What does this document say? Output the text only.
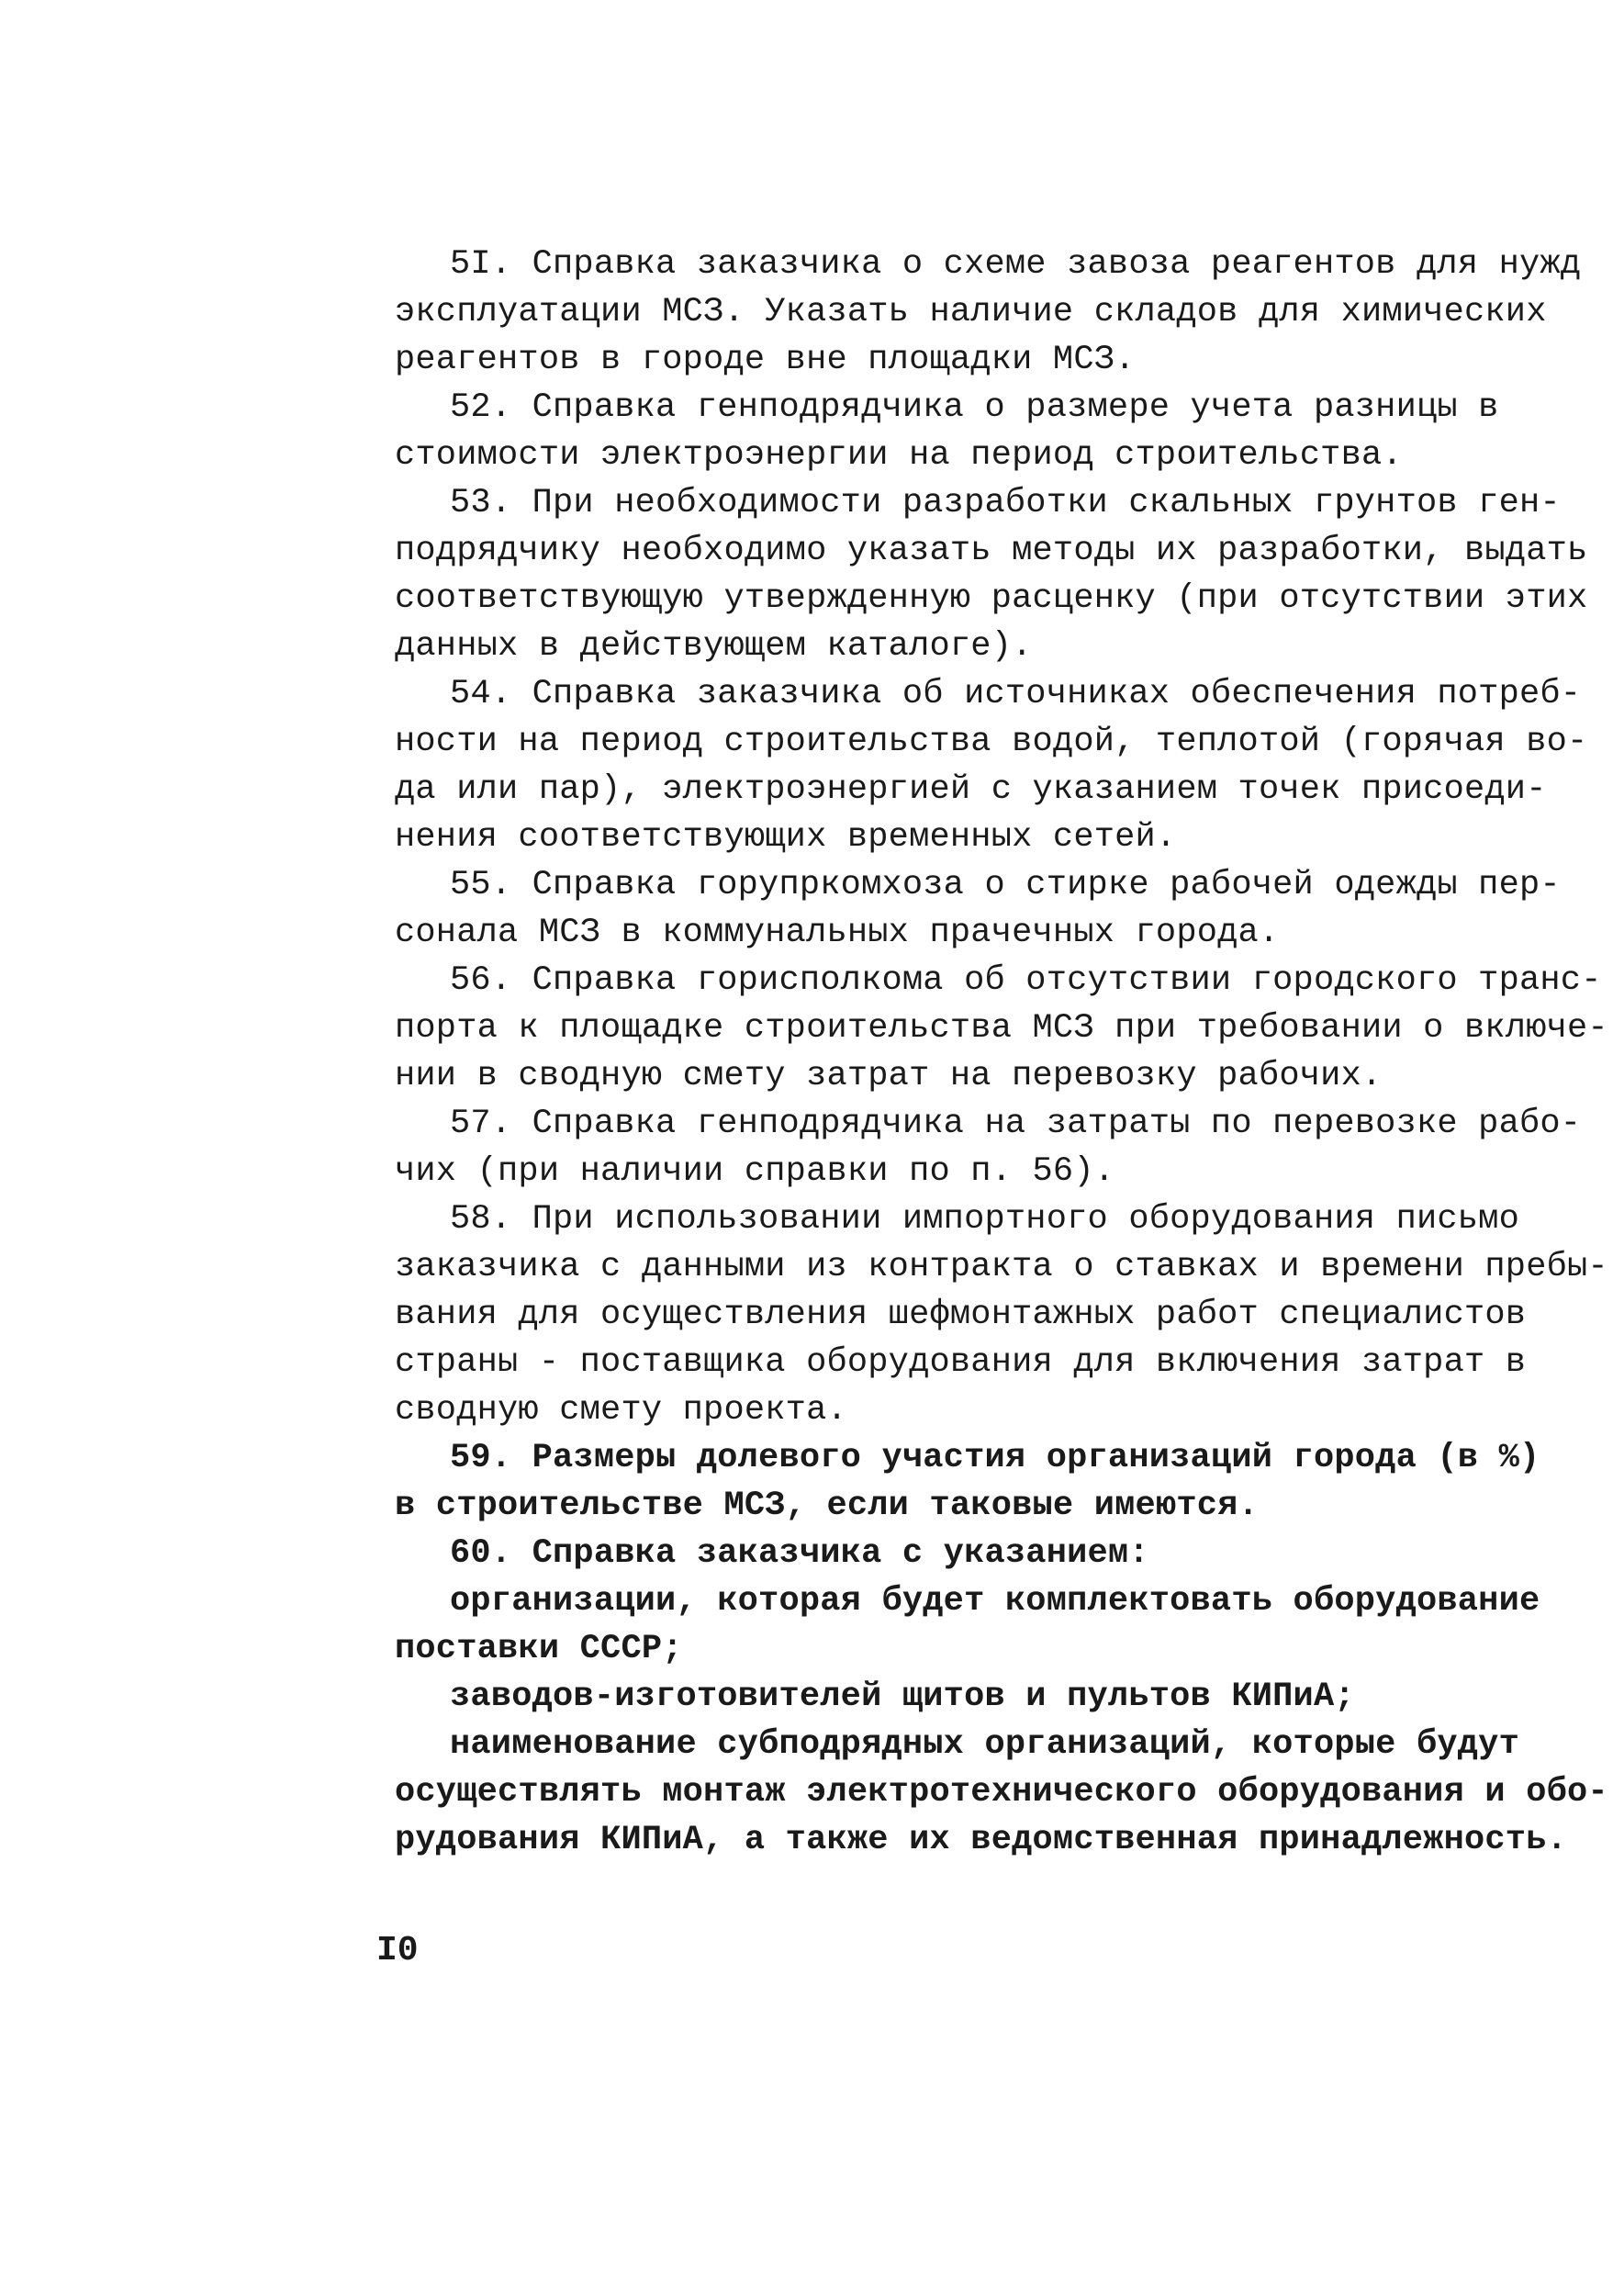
5I. Справка заказчика о схеме завоза реагентов для нужд
эксплуатации МСЗ. Указать наличие складов для химических
реагентов в городе вне площадки МСЗ.
52. Справка генподрядчика о размере учета разницы в
стоимости электроэнергии на период строительства.
53. При необходимости разработки скальных грунтов ген-
подрядчику необходимо указать методы их разработки, выдать
соответствующую утвержденную расценку (при отсутствии этих
данных в действующем каталоге).
54. Справка заказчика об источниках обеспечения потреб-
ности на период строительства водой, теплотой (горячая во-
да или пар), электроэнергией с указанием точек присоеди-
нения соответствующих временных сетей.
55. Справка горупркомхоза о стирке рабочей одежды пер-
сонала МСЗ в коммунальных прачечных города.
56. Справка горисполкома об отсутствии городского транс-
порта к площадке строительства МСЗ при требовании о включе-
нии в сводную смету затрат на перевозку рабочих.
57. Справка генподрядчика на затраты по перевозке рабо-
чих (при наличии справки по п. 56).
58. При использовании импортного оборудования письмо
заказчика с данными из контракта о ставках и времени пребы-
вания для осуществления шефмонтажных работ специалистов
страны - поставщика оборудования для включения затрат в
сводную смету проекта.
59. Размеры долевого участия организаций города (в %)
в строительстве МСЗ, если таковые имеются.
60. Справка заказчика с указанием:
организации, которая будет комплектовать оборудование
поставки СССР;
заводов-изготовителей щитов и пультов КИПиА;
наименование субподрядных организаций, которые будут
осуществлять монтаж электротехнического оборудования и обо-
рудования КИПиА, а также их ведомственная принадлежность.
I0
